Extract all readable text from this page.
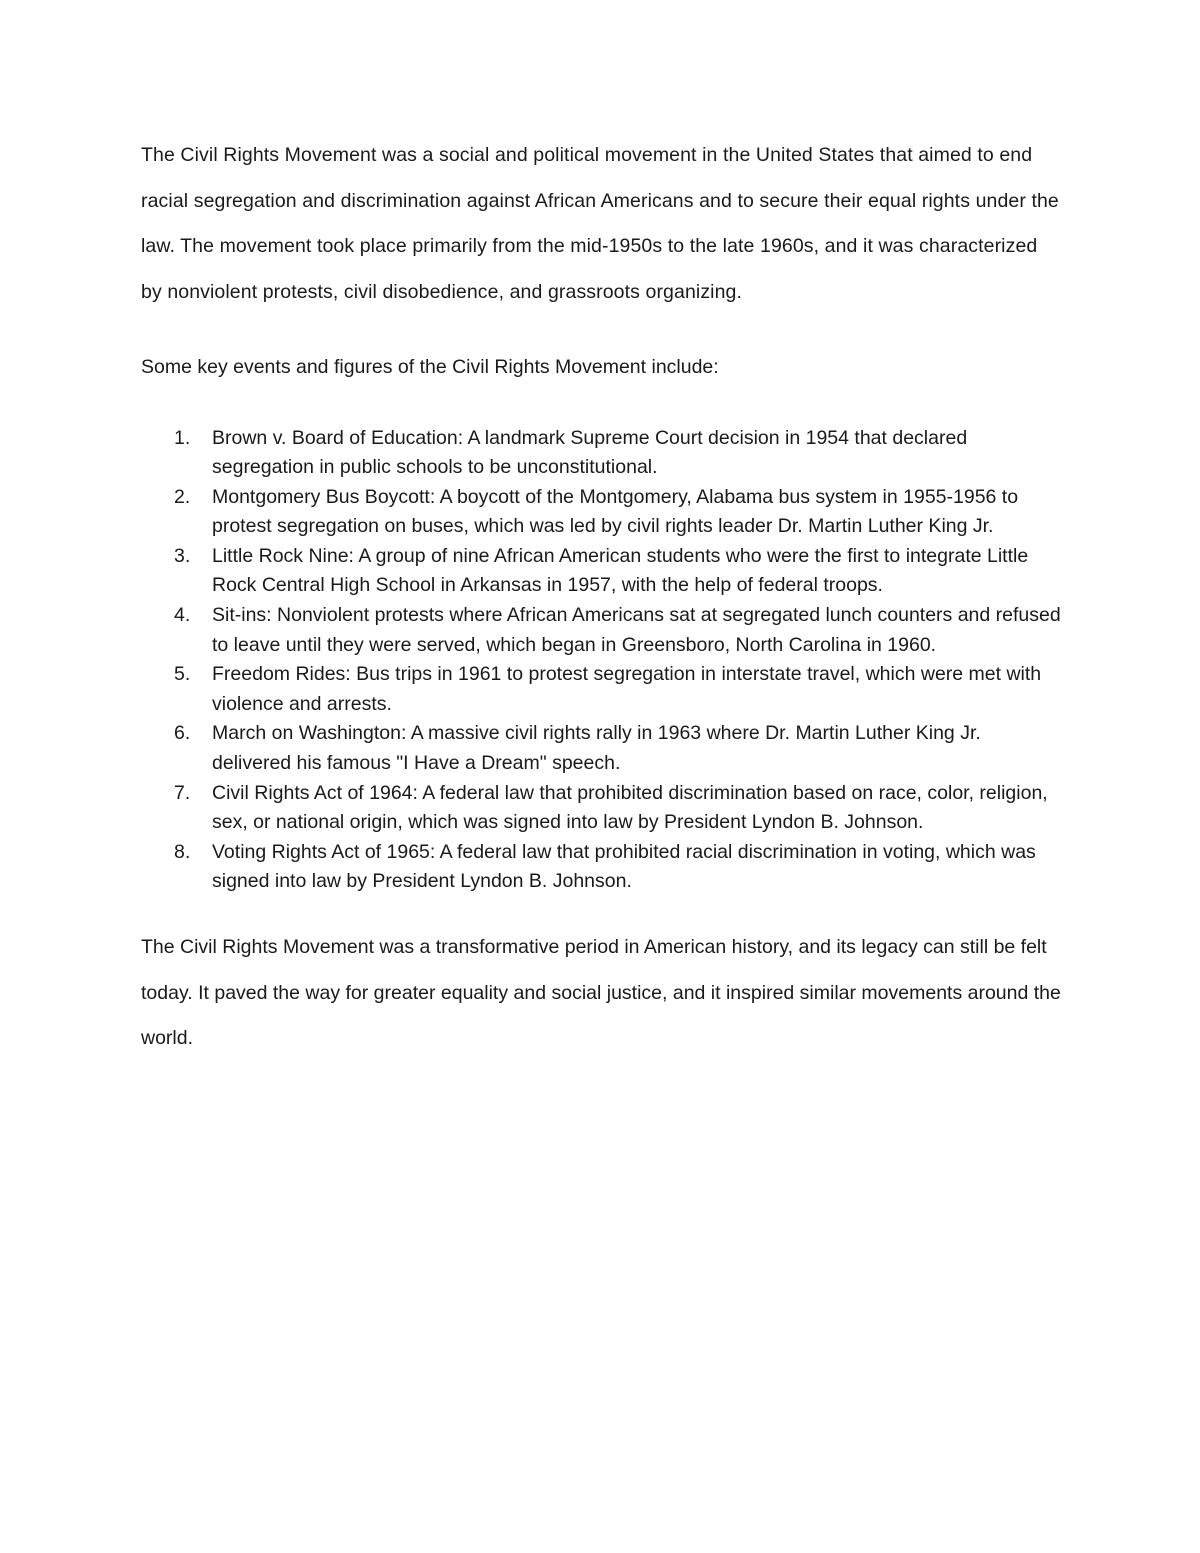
The Civil Rights Movement was a social and political movement in the United States that aimed to end racial segregation and discrimination against African Americans and to secure their equal rights under the law. The movement took place primarily from the mid-1950s to the late 1960s, and it was characterized by nonviolent protests, civil disobedience, and grassroots organizing.

Some key events and figures of the Civil Rights Movement include:

1.	Brown v. Board of Education: A landmark Supreme Court decision in 1954 that declared segregation in public schools to be unconstitutional.
2.	Montgomery Bus Boycott: A boycott of the Montgomery, Alabama bus system in 1955-1956 to protest segregation on buses, which was led by civil rights leader Dr. Martin Luther King Jr.
3.	Little Rock Nine: A group of nine African American students who were the first to integrate Little Rock Central High School in Arkansas in 1957, with the help of federal troops.
4.	Sit-ins: Nonviolent protests where African Americans sat at segregated lunch counters and refused to leave until they were served, which began in Greensboro, North Carolina in 1960.
5.	Freedom Rides: Bus trips in 1961 to protest segregation in interstate travel, which were met with violence and arrests.
6.	March on Washington: A massive civil rights rally in 1963 where Dr. Martin Luther King Jr. delivered his famous "I Have a Dream" speech.
7.	Civil Rights Act of 1964: A federal law that prohibited discrimination based on race, color, religion, sex, or national origin, which was signed into law by President Lyndon B. Johnson.
8.	Voting Rights Act of 1965: A federal law that prohibited racial discrimination in voting, which was signed into law by President Lyndon B. Johnson.

The Civil Rights Movement was a transformative period in American history, and its legacy can still be felt today. It paved the way for greater equality and social justice, and it inspired similar movements around the world.
